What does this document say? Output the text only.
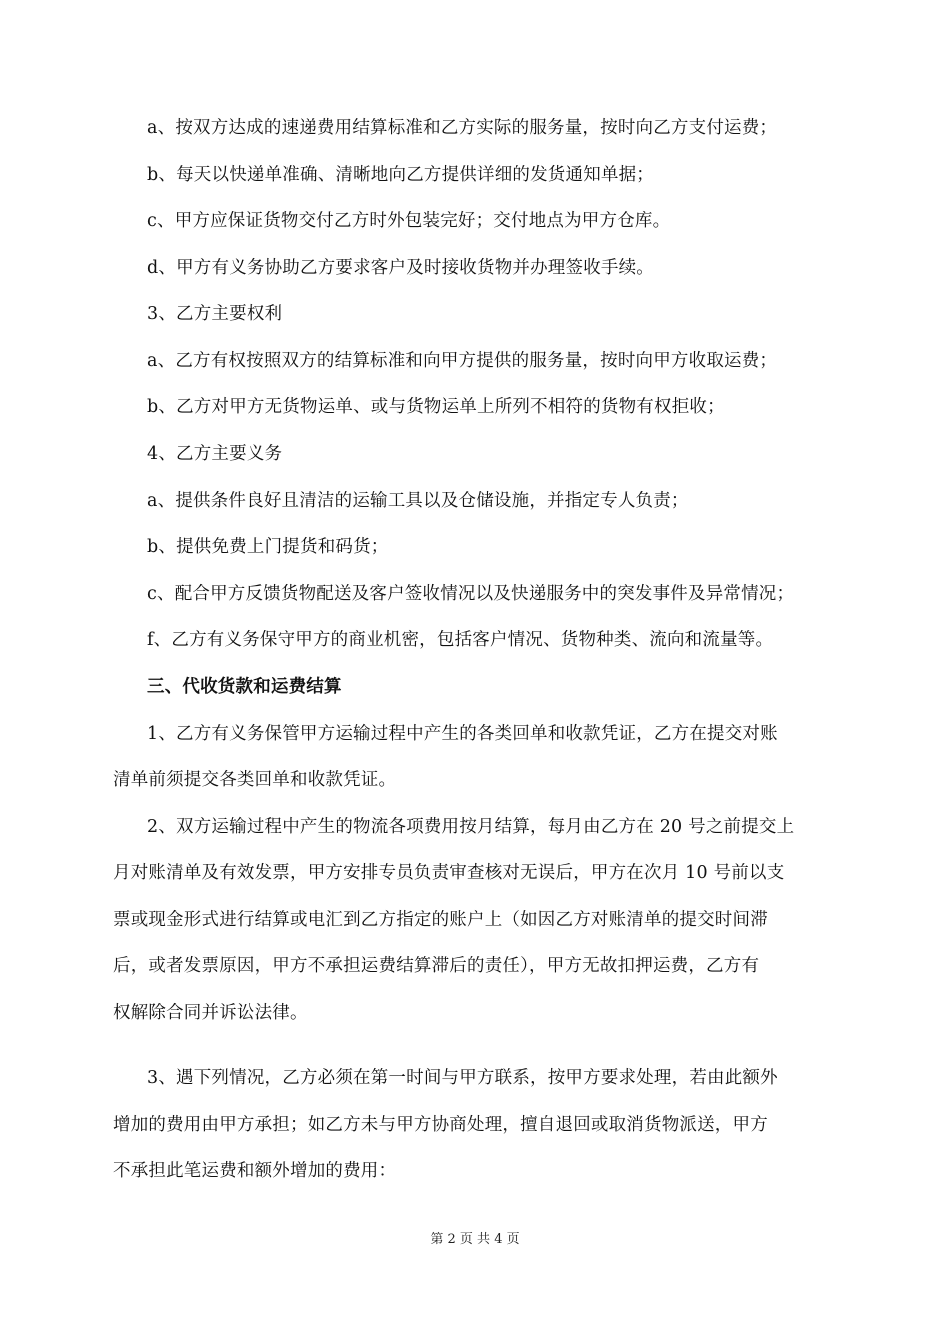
a、按双方达成的速递费用结算标准和乙方实际的服务量，按时向乙方支付运费；
b、每天以快递单准确、清晰地向乙方提供详细的发货通知单据；
c、甲方应保证货物交付乙方时外包装完好；交付地点为甲方仓库。
d、甲方有义务协助乙方要求客户及时接收货物并办理签收手续。
3、乙方主要权利
a、乙方有权按照双方的结算标准和向甲方提供的服务量，按时向甲方收取运费；
b、乙方对甲方无货物运单、或与货物运单上所列不相符的货物有权拒收；
4、乙方主要义务
a、提供条件良好且清洁的运输工具以及仓储设施，并指定专人负责；
b、提供免费上门提货和码货；
c、配合甲方反馈货物配送及客户签收情况以及快递服务中的突发事件及异常情况；
f、乙方有义务保守甲方的商业机密，包括客户情况、货物种类、流向和流量等。
三、代收货款和运费结算
1、乙方有义务保管甲方运输过程中产生的各类回单和收款凭证，乙方在提交对账
清单前须提交各类回单和收款凭证。
2、双方运输过程中产生的物流各项费用按月结算，每月由乙方在 20 号之前提交上
月对账清单及有效发票，甲方安排专员负责审查核对无误后，甲方在次月 10 号前以支
票或现金形式进行结算或电汇到乙方指定的账户上（如因乙方对账清单的提交时间滞
后，或者发票原因，甲方不承担运费结算滞后的责任），甲方无故扣押运费，乙方有
权解除合同并诉讼法律。
3、遇下列情况，乙方必须在第一时间与甲方联系，按甲方要求处理，若由此额外
增加的费用由甲方承担；如乙方未与甲方协商处理，擅自退回或取消货物派送，甲方
不承担此笔运费和额外增加的费用：
第 2 页 共 4 页
